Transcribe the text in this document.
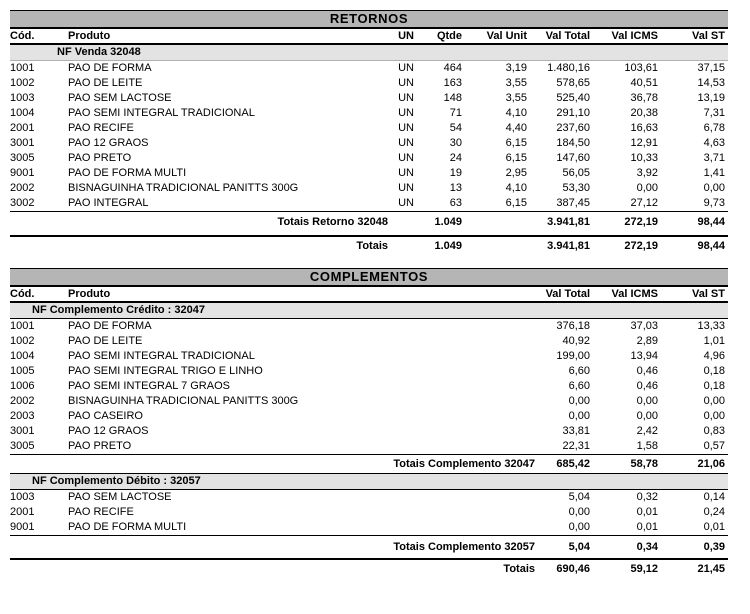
RETORNOS
Cód.	Produto	UN	Qtde	Val Unit	Val Total	Val ICMS	Val ST
NF Venda 32048
1001	PAO DE FORMA	UN	464	3,19	1.480,16	103,61	37,15
1002	PAO DE LEITE	UN	163	3,55	578,65	40,51	14,53
1003	PAO SEM LACTOSE	UN	148	3,55	525,40	36,78	13,19
1004	PAO SEMI INTEGRAL TRADICIONAL	UN	71	4,10	291,10	20,38	7,31
2001	PAO RECIFE	UN	54	4,40	237,60	16,63	6,78
3001	PAO 12 GRAOS	UN	30	6,15	184,50	12,91	4,63
3005	PAO PRETO	UN	24	6,15	147,60	10,33	3,71
9001	PAO DE FORMA MULTI	UN	19	2,95	56,05	3,92	1,41
2002	BISNAGUINHA TRADICIONAL PANITTS 300G	UN	13	4,10	53,30	0,00	0,00
3002	PAO INTEGRAL	UN	63	6,15	387,45	27,12	9,73
Totais Retorno 32048	1.049	3.941,81	272,19	98,44
Totais	1.049	3.941,81	272,19	98,44
COMPLEMENTOS
Cód.	Produto	Val Total	Val ICMS	Val ST
NF Complemento Crédito : 32047
1001	PAO DE FORMA	376,18	37,03	13,33
1002	PAO DE LEITE	40,92	2,89	1,01
1004	PAO SEMI INTEGRAL TRADICIONAL	199,00	13,94	4,96
1005	PAO SEMI INTEGRAL TRIGO E LINHO	6,60	0,46	0,18
1006	PAO SEMI INTEGRAL 7 GRAOS	6,60	0,46	0,18
2002	BISNAGUINHA TRADICIONAL PANITTS 300G	0,00	0,00	0,00
2003	PAO CASEIRO	0,00	0,00	0,00
3001	PAO 12 GRAOS	33,81	2,42	0,83
3005	PAO PRETO	22,31	1,58	0,57
Totais Complemento 32047	685,42	58,78	21,06
NF Complemento Débito : 32057
1003	PAO SEM LACTOSE	5,04	0,32	0,14
2001	PAO RECIFE	0,00	0,01	0,24
9001	PAO DE FORMA MULTI	0,00	0,01	0,01
Totais Complemento 32057	5,04	0,34	0,39
Totais	690,46	59,12	21,45
